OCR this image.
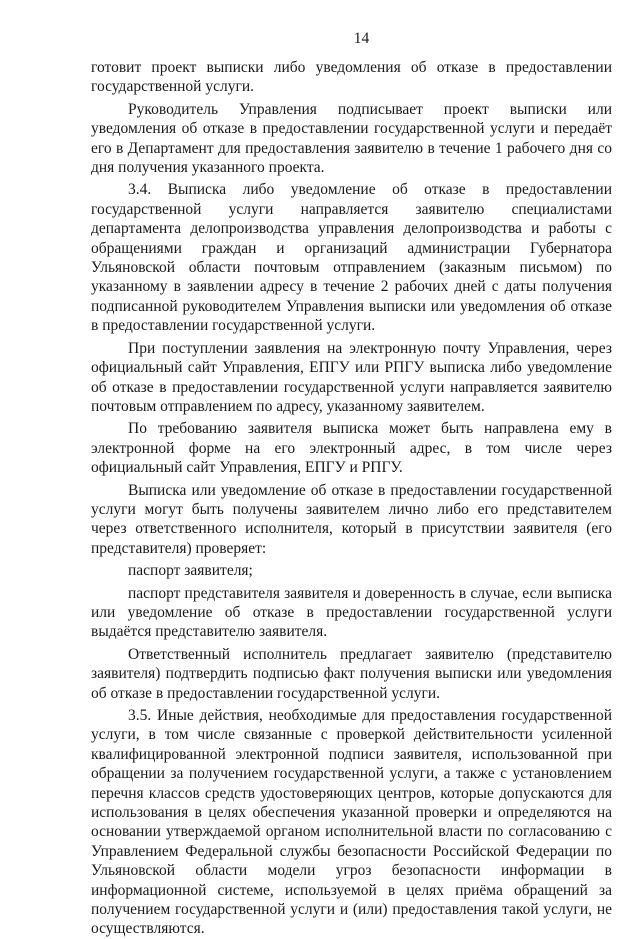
14

готовит проект выписки либо уведомления об отказе в предоставлении государственной услуги.

Руководитель Управления подписывает проект выписки или уведомления об отказе в предоставлении государственной услуги и передаёт его в Департамент для предоставления заявителю в течение 1 рабочего дня со дня получения указанного проекта.

3.4. Выписка либо уведомление об отказе в предоставлении государственной услуги направляется заявителю специалистами департамента делопроизводства управления делопроизводства и работы с обращениями граждан и организаций администрации Губернатора Ульяновской области почтовым отправлением (заказным письмом) по указанному в заявлении адресу в течение 2 рабочих дней с даты получения подписанной руководителем Управления выписки или уведомления об отказе в предоставлении государственной услуги.

При поступлении заявления на электронную почту Управления, через официальный сайт Управления, ЕПГУ или РПГУ выписка либо уведомление об отказе в предоставлении государственной услуги направляется заявителю почтовым отправлением по адресу, указанному заявителем.

По требованию заявителя выписка может быть направлена ему в электронной форме на его электронный адрес, в том числе через официальный сайт Управления, ЕПГУ и РПГУ.

Выписка или уведомление об отказе в предоставлении государственной услуги могут быть получены заявителем лично либо его представителем через ответственного исполнителя, который в присутствии заявителя (его представителя) проверяет:

паспорт заявителя;

паспорт представителя заявителя и доверенность в случае, если выписка или уведомление об отказе в предоставлении государственной услуги выдаётся представителю заявителя.

Ответственный исполнитель предлагает заявителю (представителю заявителя) подтвердить подписью факт получения выписки или уведомления об отказе в предоставлении государственной услуги.

3.5. Иные действия, необходимые для предоставления государственной услуги, в том числе связанные с проверкой действительности усиленной квалифицированной электронной подписи заявителя, использованной при обращении за получением государственной услуги, а также с установлением перечня классов средств удостоверяющих центров, которые допускаются для использования в целях обеспечения указанной проверки и определяются на основании утверждаемой органом исполнительной власти по согласованию с Управлением Федеральной службы безопасности Российской Федерации по Ульяновской области модели угроз безопасности информации в информационной системе, используемой в целях приёма обращений за получением государственной услуги и (или) предоставления такой услуги, не осуществляются.
